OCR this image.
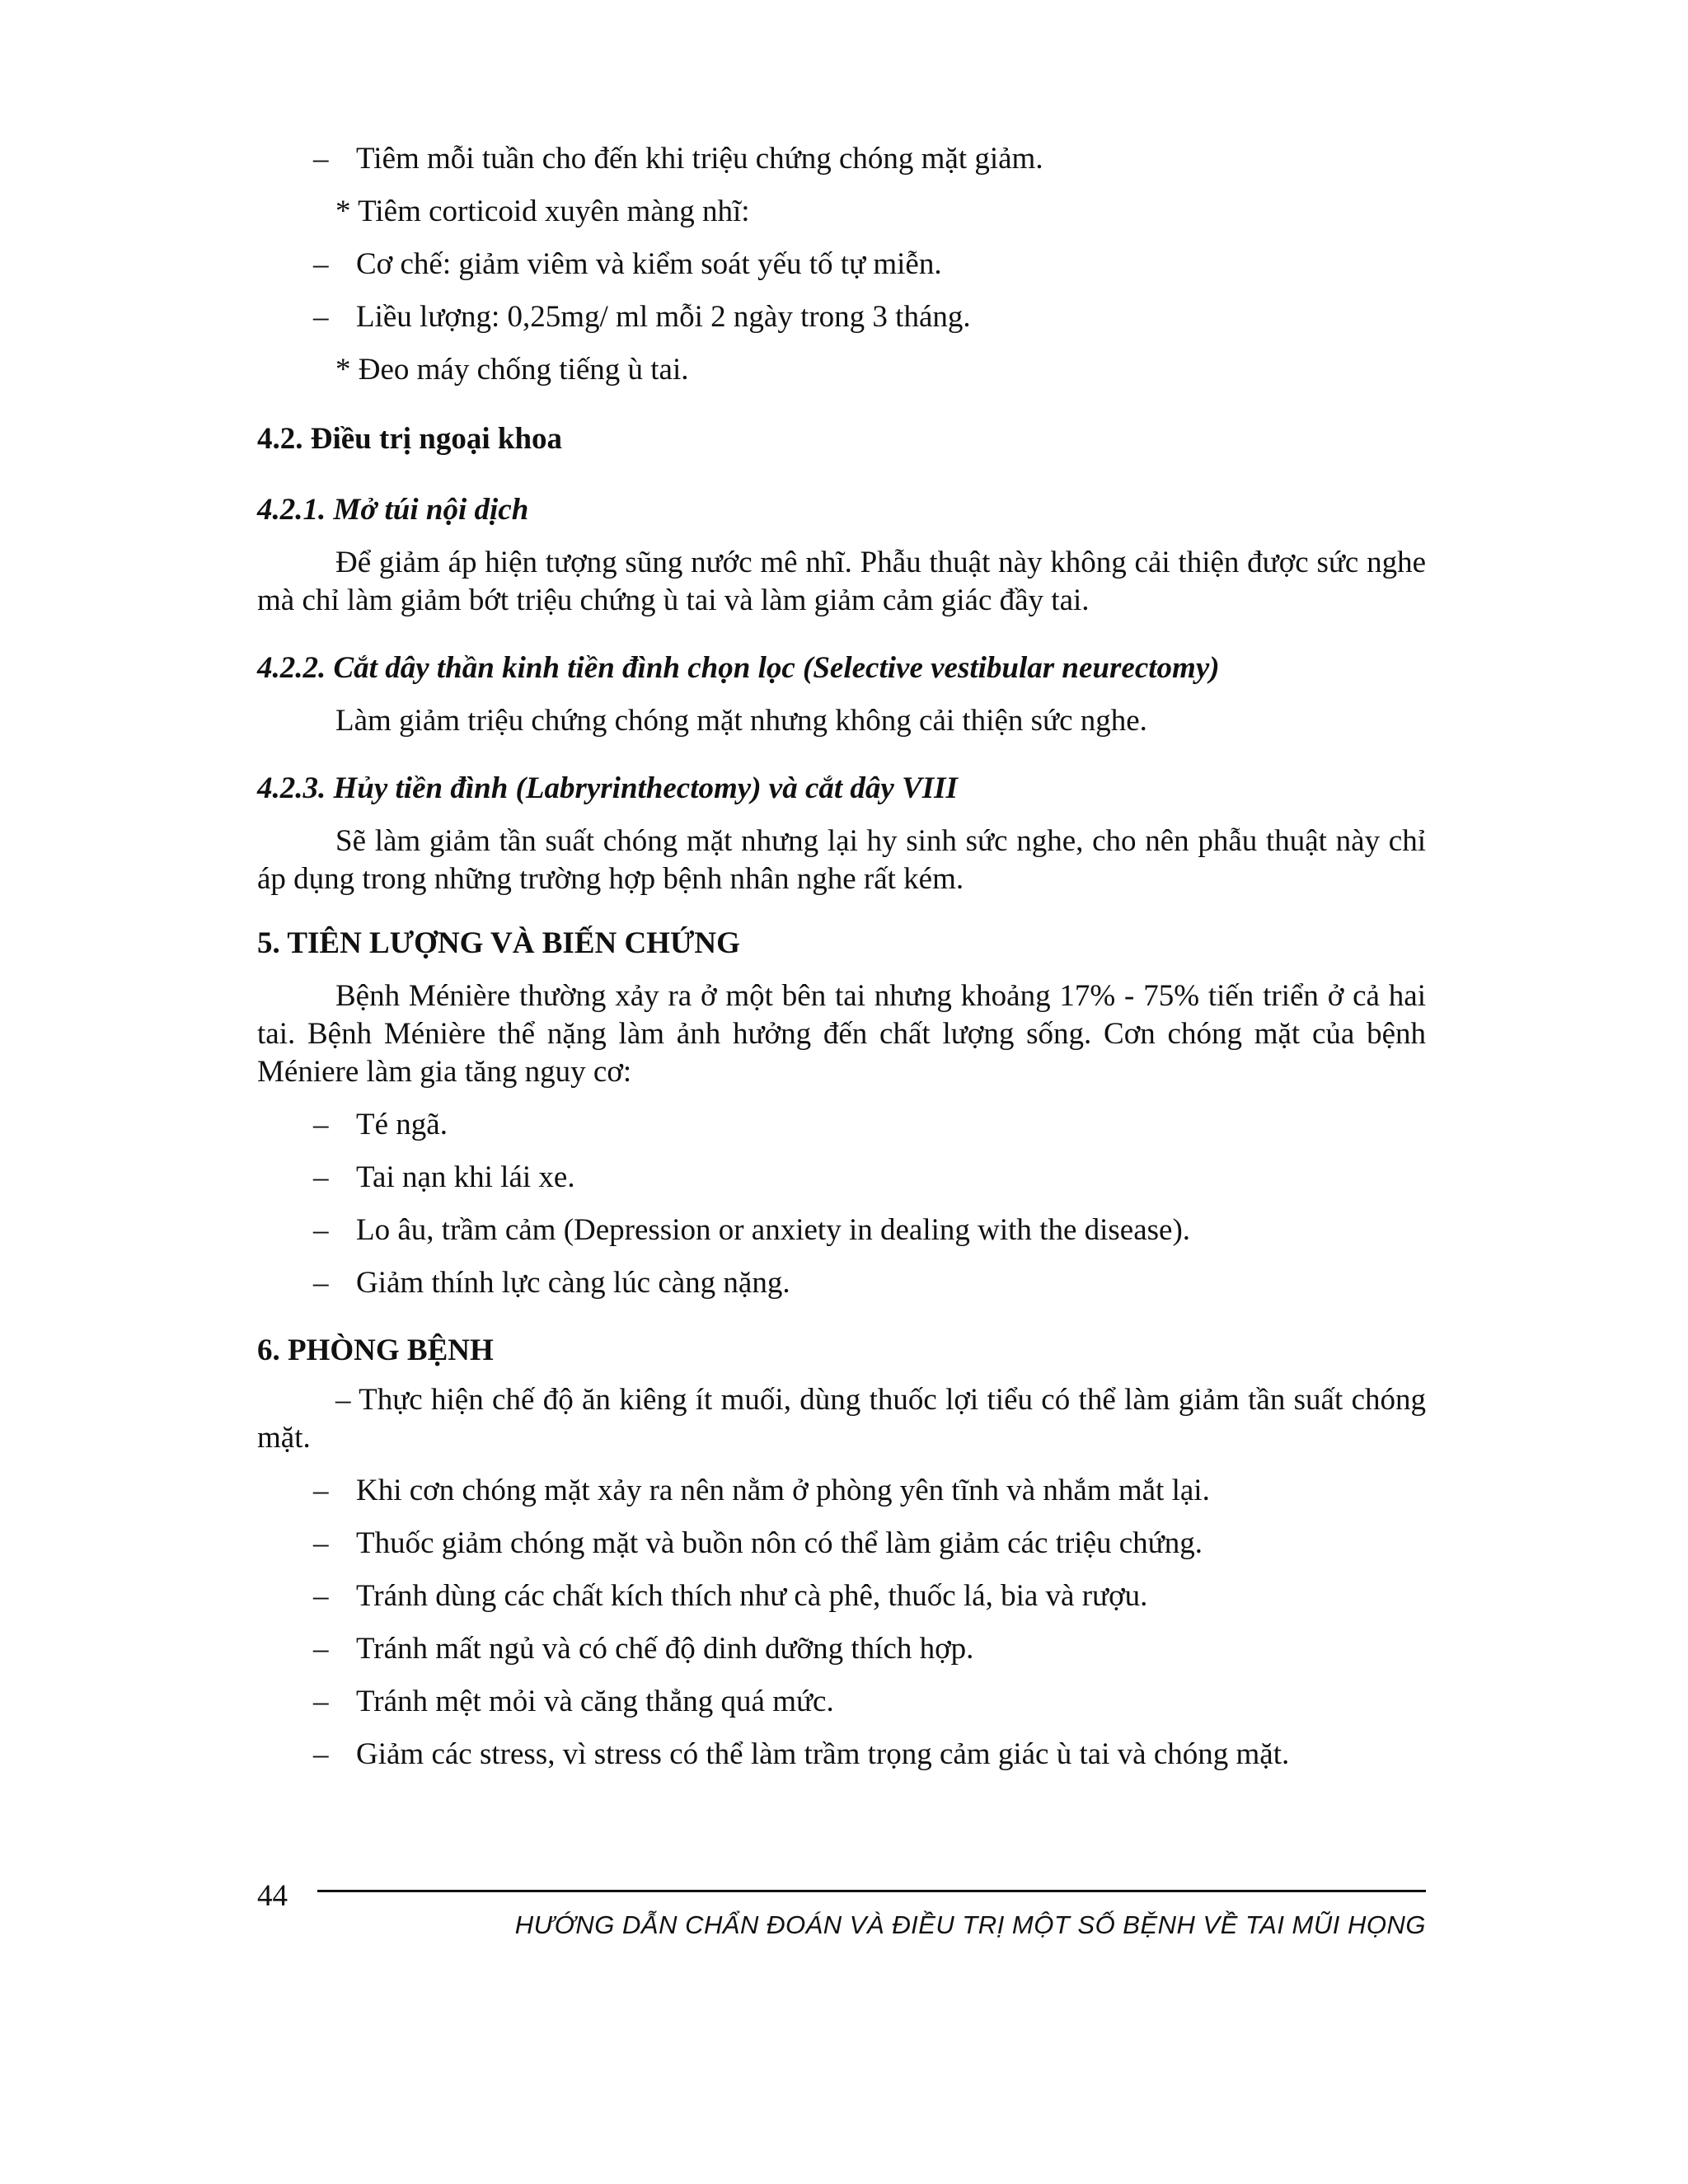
– Tiêm mỗi tuần cho đến khi triệu chứng chóng mặt giảm.

* Tiêm corticoid xuyên màng nhĩ:

– Cơ chế: giảm viêm và kiểm soát yếu tố tự miễn.

– Liều lượng: 0,25mg/ ml mỗi 2 ngày trong 3 tháng.

* Đeo máy chống tiếng ù tai.

4.2. Điều trị ngoại khoa

4.2.1. Mở túi nội dịch

Để giảm áp hiện tượng sũng nước mê nhĩ. Phẫu thuật này không cải thiện được sức nghe mà chỉ làm giảm bớt triệu chứng ù tai và làm giảm cảm giác đầy tai.

4.2.2. Cắt dây thần kinh tiền đình chọn lọc (Selective vestibular neurectomy)

Làm giảm triệu chứng chóng mặt nhưng không cải thiện sức nghe.

4.2.3. Hủy tiền đình (Labryrinthectomy) và cắt dây VIII

Sẽ làm giảm tần suất chóng mặt nhưng lại hy sinh sức nghe, cho nên phẫu thuật này chỉ áp dụng trong những trường hợp bệnh nhân nghe rất kém.

5. TIÊN LƯỢNG VÀ BIẾN CHỨNG

Bệnh Ménière thường xảy ra ở một bên tai nhưng khoảng 17% - 75% tiến triển ở cả hai tai. Bệnh Ménière thể nặng làm ảnh hưởng đến chất lượng sống. Cơn chóng mặt của bệnh Méniere làm gia tăng nguy cơ:

– Té ngã.

– Tai nạn khi lái xe.

– Lo âu, trầm cảm (Depression or anxiety in dealing with the disease).

– Giảm thính lực càng lúc càng nặng.

6. PHÒNG BỆNH

– Thực hiện chế độ ăn kiêng ít muối, dùng thuốc lợi tiểu có thể làm giảm tần suất chóng mặt.

– Khi cơn chóng mặt xảy ra nên nằm ở phòng yên tĩnh và nhắm mắt lại.

– Thuốc giảm chóng mặt và buồn nôn có thể làm giảm các triệu chứng.

– Tránh dùng các chất kích thích như cà phê, thuốc lá, bia và rượu.

– Tránh mất ngủ và có chế độ dinh dưỡng thích hợp.

– Tránh mệt mỏi và căng thẳng quá mức.

– Giảm các stress, vì stress có thể làm trầm trọng cảm giác ù tai và chóng mặt.

44
HƯỚNG DẪN CHẨN ĐOÁN VÀ ĐIỀU TRỊ MỘT SỐ BỆNH VỀ TAI MŨI HỌNG
